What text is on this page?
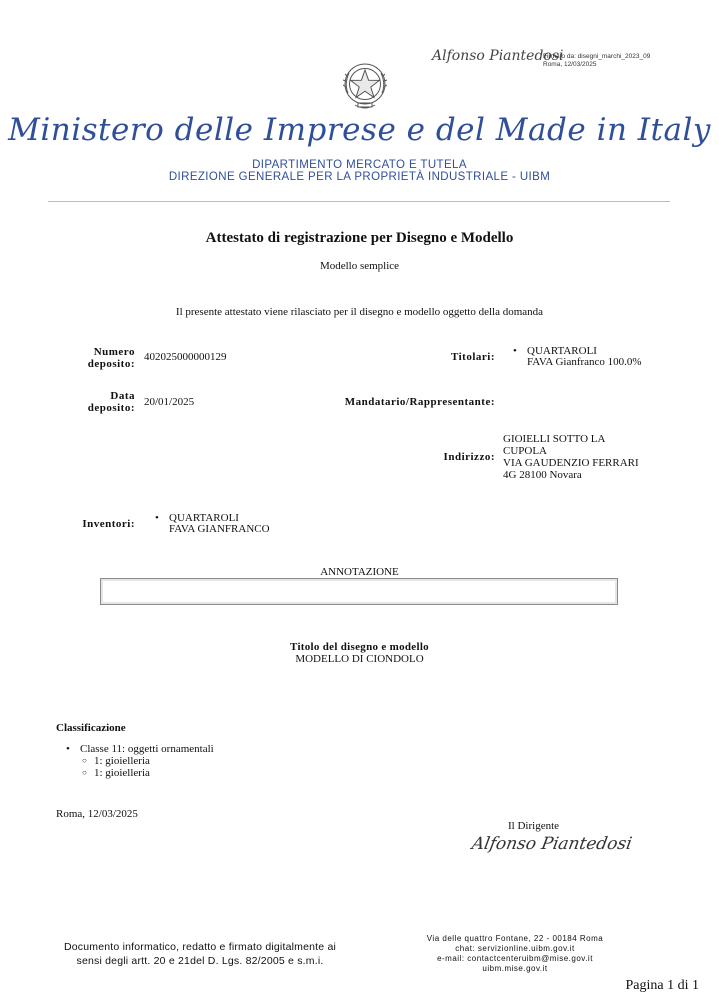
Alfonso Piantedosi
Firmato da: disegni_marchi_2023_09
Roma, 12/03/2025
Ministero delle Imprese e del Made in Italy
DIPARTIMENTO MERCATO E TUTELA
DIREZIONE GENERALE PER LA PROPRIETÀ INDUSTRIALE - UIBM
Attestato di registrazione per Disegno e Modello
Modello semplice
Il presente attestato viene rilasciato per il disegno e modello oggetto della domanda
Numero
deposito:
402025000000129	Titolari:	• QUARTAROLI
FAVA Gianfranco 100.0%
Data
deposito: 20/01/2025	Mandatario/Rappresentante:
Indirizzo:
GIOIELLI SOTTO LA
CUPOLA
VIA GAUDENZIO FERRARI
4G 28100 Novara
Inventori:	• QUARTAROLI
FAVA GIANFRANCO
ANNOTAZIONE
Titolo del disegno e modello
MODELLO DI CIONDOLO
Classificazione
• Classe 11: oggetti ornamentali
○ 1: gioielleria
○ 1: gioielleria
Roma, 12/03/2025
Il Dirigente
Alfonso Piantedosi
Documento informatico, redatto e firmato digitalmente ai
sensi degli artt. 20 e 21del D. Lgs. 82/2005 e s.m.i.
Via delle quattro Fontane, 22 - 00184 Roma
chat: servizionline.uibm.gov.it
e-mail: contactcenteruibm@mise.gov.it
uibm.mise.gov.it
Pagina 1 di 1
